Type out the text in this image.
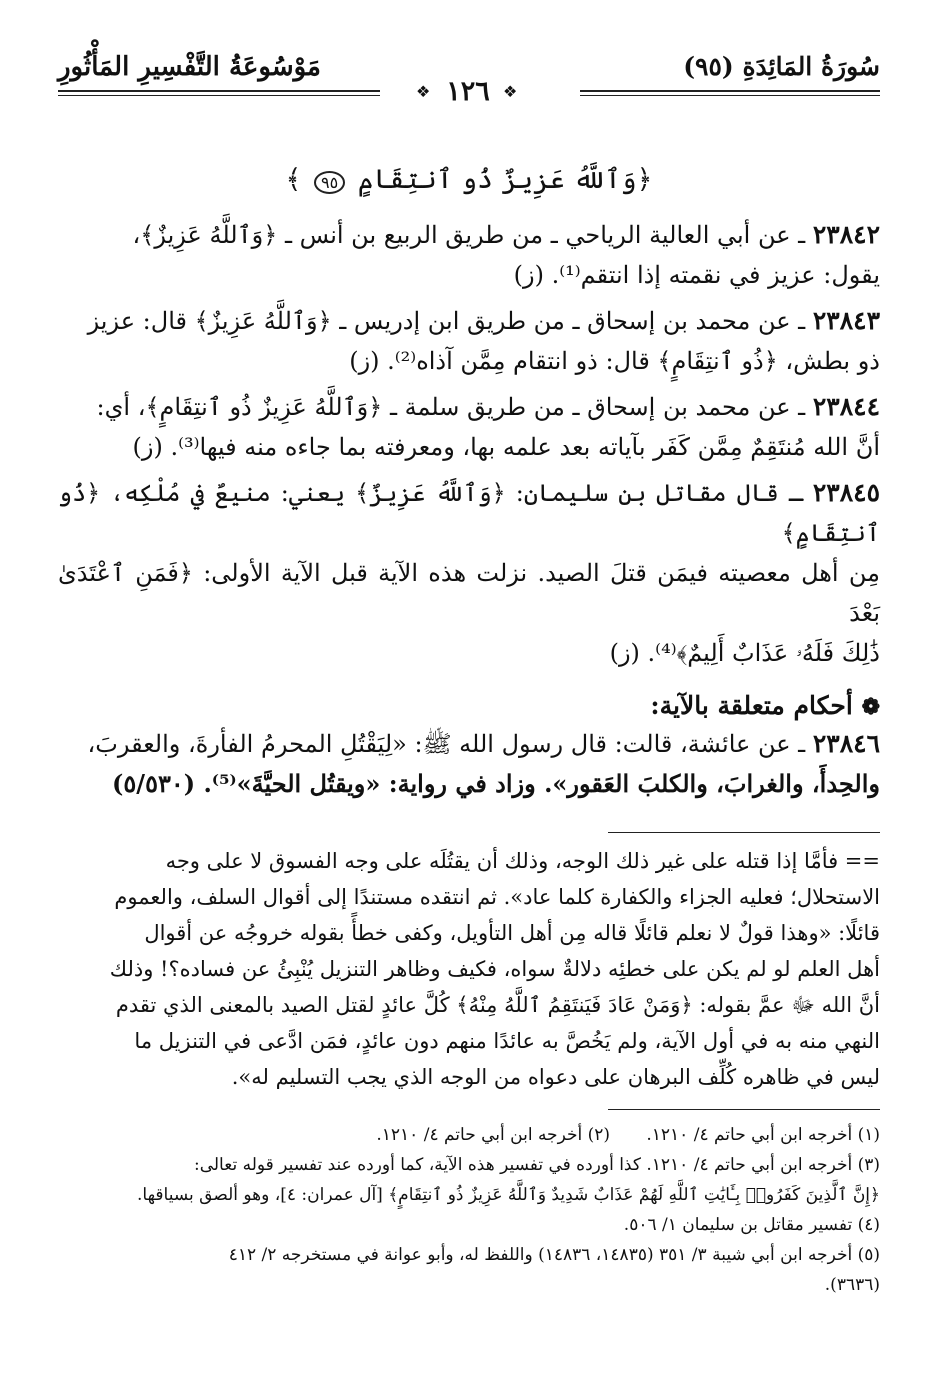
سُورَةُ المَائِدَةِ (٩٥)
❖
١٢٦
❖
مَوْسُوعَةُ التَّفْسِيرِ المَأْثُورِ
﴿وَٱللَّهُ عَزِيزٌ ذُو ٱنتِقَامٍ ٩٥ ﴾

٢٣٨٤٢ ـ عن أبي العالية الرياحي ـ من طريق الربيع بن أنس ـ ﴿وَٱللَّهُ عَزِيزٌ﴾،

يقول: عزيز في نقمته إذا انتقم⁽¹⁾. (ز)

٢٣٨٤٣ ـ عن محمد بن إسحاق ـ من طريق ابن إدريس ـ ﴿وَٱللَّهُ عَزِيزٌ﴾ قال: عزيز

ذو بطش، ﴿ذُو ٱنتِقَامٍ﴾ قال: ذو انتقام مِمَّن آذاه⁽²⁾. (ز)

٢٣٨٤٤ ـ عن محمد بن إسحاق ـ من طريق سلمة ـ ﴿وَٱللَّهُ عَزِيزٌ ذُو ٱنتِقَامٍ﴾، أي:

أنَّ الله مُنتَقِمٌ مِمَّن كَفَر بآياته بعد علمه بها، ومعرفته بما جاءه منه فيها⁽³⁾. (ز)

٢٣٨٤٥ ـ قال مقاتل بن سليمان: ﴿وَٱللَّهُ عَزِيزٌ﴾ يعني: منيعٌ في مُلْكِه، ﴿ذُو ٱنتِقَامٍ﴾

مِن أهل معصيته فيمَن قتلَ الصيد. نزلت هذه الآية قبل الآية الأولى: ﴿فَمَنِ ٱعْتَدَىٰ بَعْدَ

ذَٰلِكَ فَلَهُۥ عَذَابٌ أَلِيمٌ﴾⁽⁴⁾. (ز)

❁ أحكام متعلقة بالآية:

٢٣٨٤٦ ـ عن عائشة، قالت: قال رسول الله ﷺ: «لِيَقْتُلِ المحرمُ الفأرةَ، والعقربَ،

والحِدأَ، والغرابَ، والكلبَ العَقور». وزاد في رواية: «ويقتُل الحيَّةَ»⁽⁵⁾. (٥/٥٣٠)

== فأمَّا إذا قتله على غير ذلك الوجه، وذلك أن يقتُلَه على وجه الفسوق لا على وجه

الاستحلال؛ فعليه الجزاء والكفارة كلما عاد». ثم انتقده مستندًا إلى أقوال السلف، والعموم

قائلًا: «وهذا قولٌ لا نعلم قائلًا قاله مِن أهل التأويل، وكفى خطأً بقوله خروجُه عن أقوال

أهل العلم لو لم يكن على خطئِه دلالةٌ سواه، فكيف وظاهر التنزيل يُنْبِئُ عن فساده؟! وذلك

أنَّ الله ﷻ عمَّ بقوله: ﴿وَمَنْ عَادَ فَيَنتَقِمُ ٱللَّهُ مِنْهُ﴾ كُلَّ عائدٍ لقتل الصيد بالمعنى الذي تقدم

النهي منه به في أول الآية، ولم يَخُصَّ به عائدًا منهم دون عائدٍ، فمَن ادَّعى في التنزيل ما

ليس في ظاهره كُلِّف البرهان على دعواه من الوجه الذي يجب التسليم له».

(١) أخرجه ابن أبي حاتم ٤/ ١٢١٠.
(٢) أخرجه ابن أبي حاتم ٤/ ١٢١٠.

(٣) أخرجه ابن أبي حاتم ٤/ ١٢١٠. كذا أورده في تفسير هذه الآية، كما أورده عند تفسير قوله تعالى:

﴿إِنَّ ٱلَّذِينَ كَفَرُوا۟ بِـَٔايَٰتِ ٱللَّهِ لَهُمْ عَذَابٌ شَدِيدٌ وَٱللَّهُ عَزِيزٌ ذُو ٱنتِقَامٍ﴾ [آل عمران: ٤]، وهو ألصق بسياقها.

(٤) تفسير مقاتل بن سليمان ١/ ٥٠٦.

(٥) أخرجه ابن أبي شيبة ٣/ ٣٥١ (١٤٨٣٥، ١٤٨٣٦) واللفظ له، وأبو عوانة في مستخرجه ٢/ ٤١٢

(٣٦٣٦).
